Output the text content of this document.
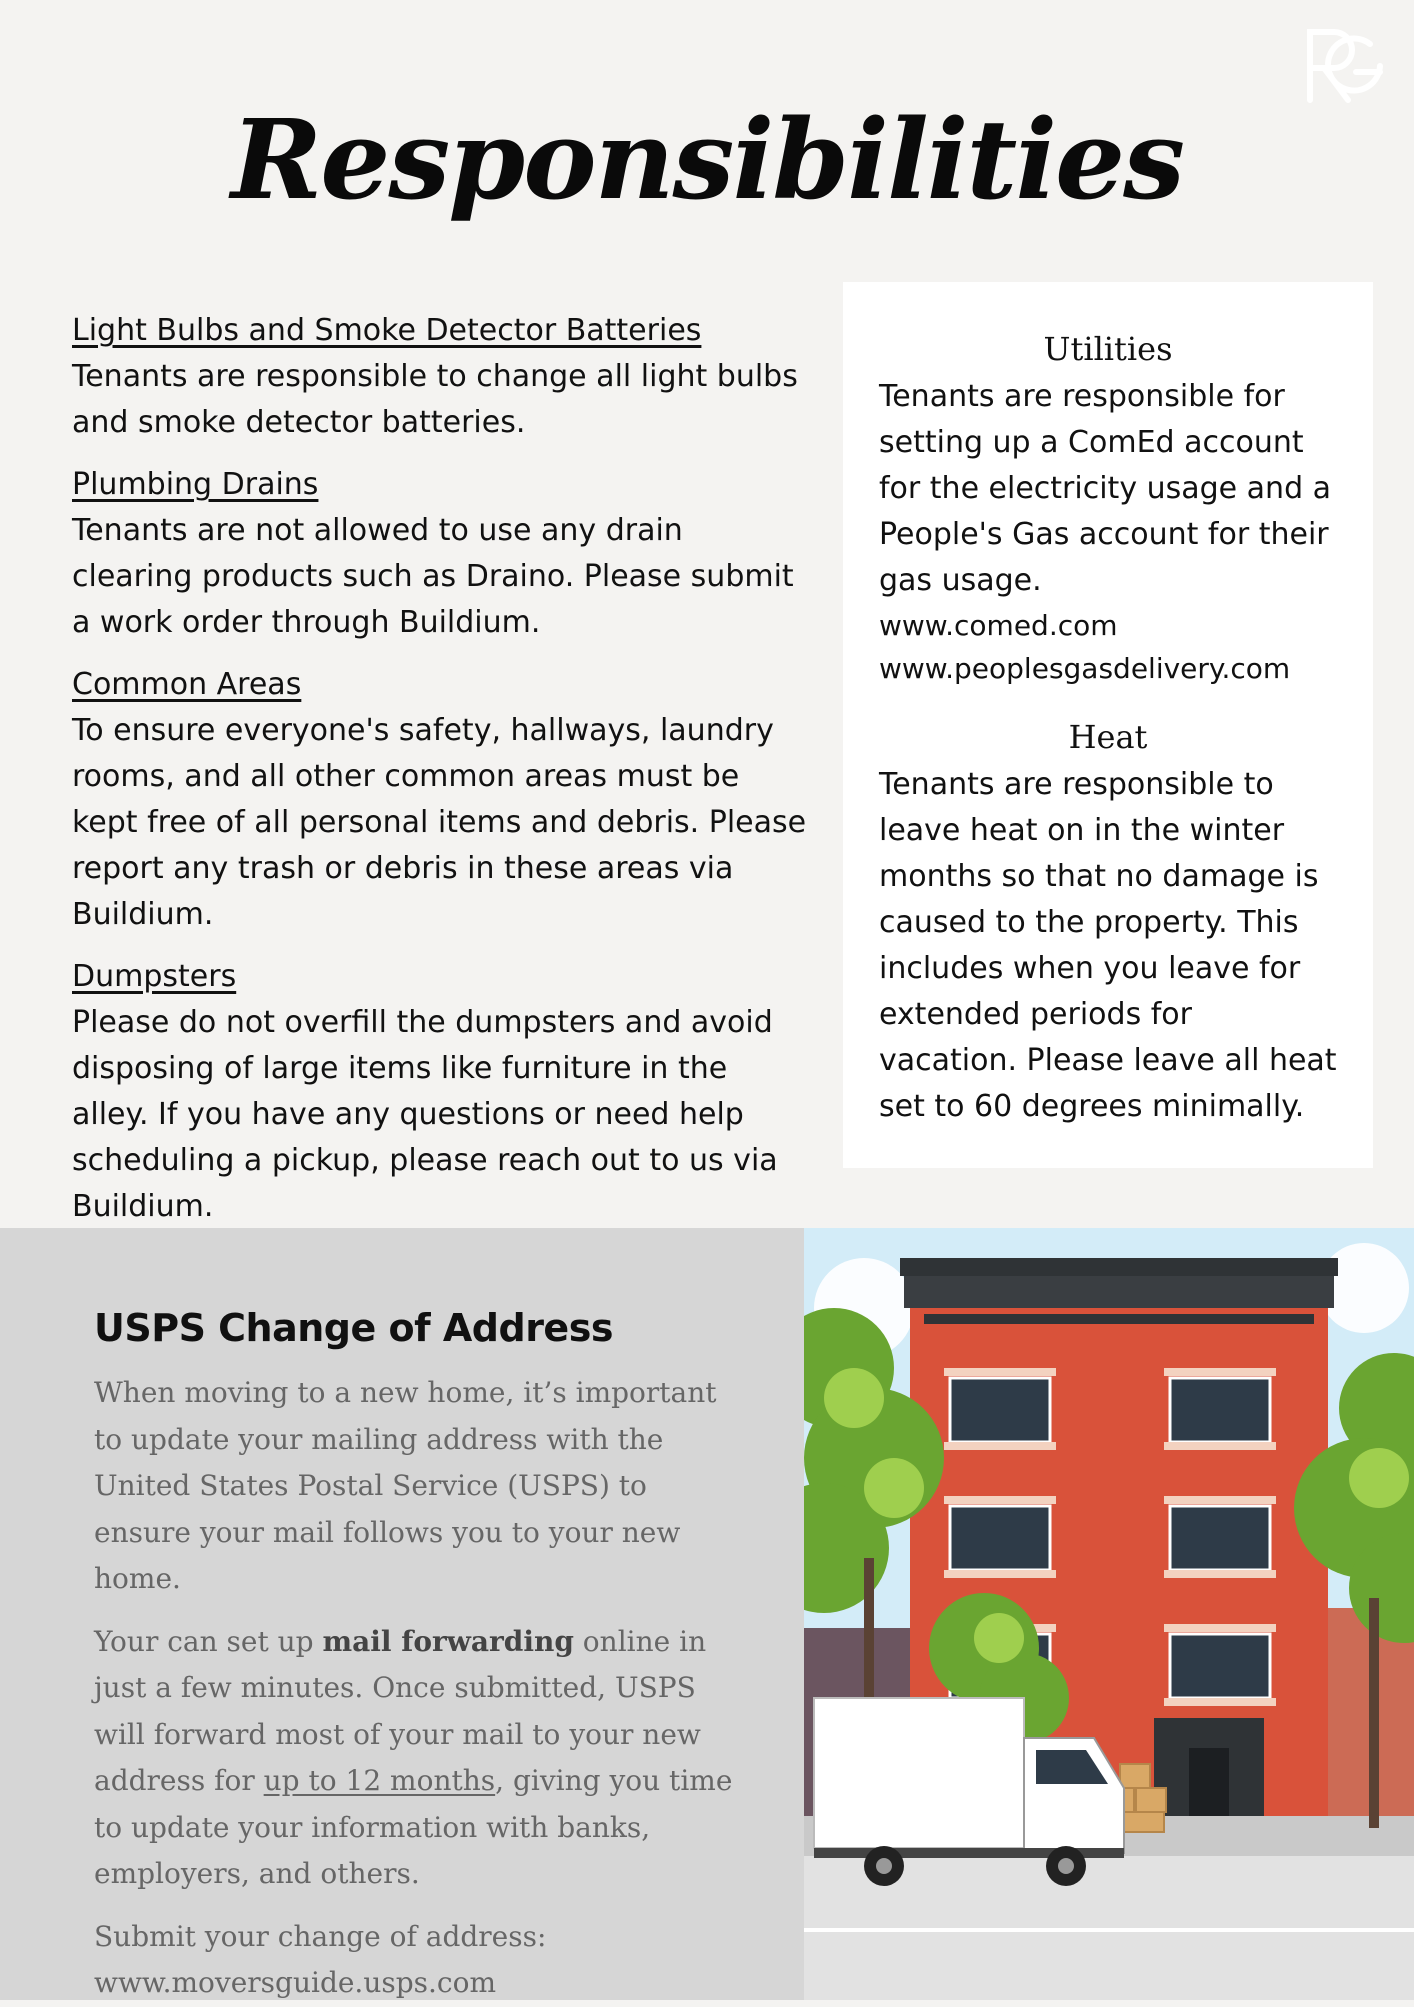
Responsibilities
Light Bulbs and Smoke Detector Batteries

Tenants are responsible to change all light bulbs and smoke detector batteries.

Plumbing Drains

Tenants are not allowed to use any drain clearing products such as Draino. Please submit a work order through Buildium.

Common Areas

To ensure everyone's safety, hallways, laundry rooms, and all other common areas must be kept free of all personal items and debris. Please report any trash or debris in these areas via Buildium.

Dumpsters

Please do not overfill the dumpsters and avoid disposing of large items like furniture in the alley. If you have any questions or need help scheduling a pickup, please reach out to us via Buildium.

Utilities

Tenants are responsible for setting up a ComEd account for the electricity usage and a People's Gas account for their gas usage.

www.comed.com

www.peoplesgasdelivery.com

Heat

Tenants are responsible to leave heat on in the winter months so that no damage is caused to the property. This includes when you leave for extended periods for vacation. Please leave all heat set to 60 degrees minimally.

USPS Change of Address

When moving to a new home, it’s important to update your mailing address with the United States Postal Service (USPS) to ensure your mail follows you to your new home.

Your can set up mail forwarding online in just a few minutes. Once submitted, USPS will forward most of your mail to your new address for up to 12 months, giving you time to update your information with banks, employers, and others.

Submit your change of address:
www.moversguide.usps.com
